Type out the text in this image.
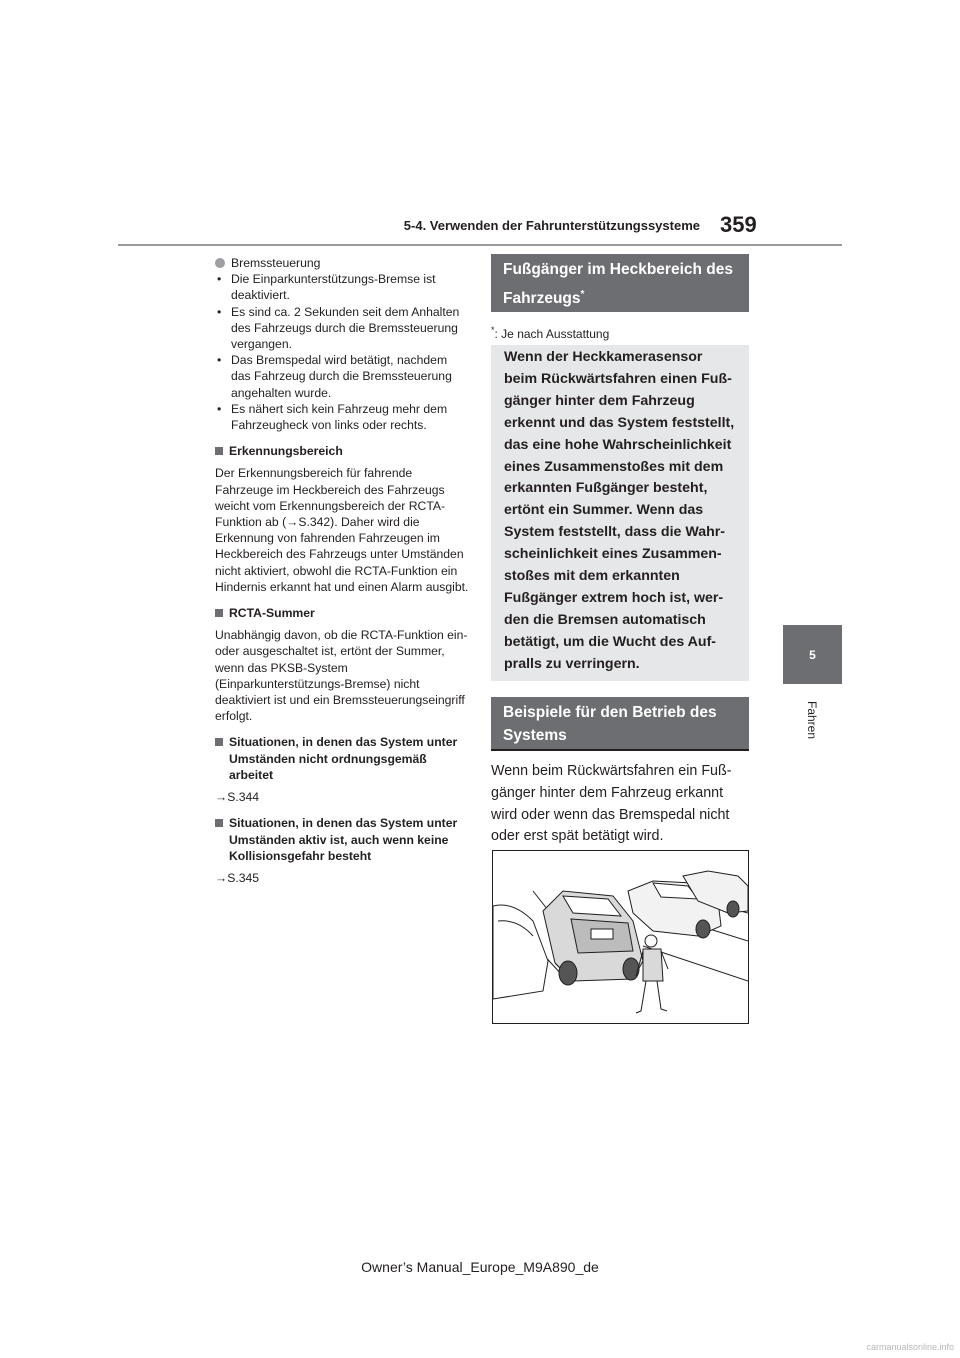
5-4. Verwenden der Fahrunterstützungssysteme 359
5
Fahren
Bremssteuerung
• Die Einparkunterstützungs-Bremse ist deaktiviert.
• Es sind ca. 2 Sekunden seit dem Anhalten des Fahrzeugs durch die Bremssteuerung vergangen.
• Das Bremspedal wird betätigt, nachdem das Fahrzeug durch die Bremssteuerung angehalten wurde.
• Es nähert sich kein Fahrzeug mehr dem Fahrzeugheck von links oder rechts.
Erkennungsbereich

Der Erkennungsbereich für fahrende Fahrzeuge im Heckbereich des Fahrzeugs weicht vom Erkennungsbereich der RCTA-Funktion ab (→S.342). Daher wird die Erkennung von fahrenden Fahrzeugen im Heckbereich des Fahrzeugs unter Umständen nicht aktiviert, obwohl die RCTA-Funktion ein Hindernis erkannt hat und einen Alarm ausgibt.

RCTA-Summer

Unabhängig davon, ob die RCTA-Funktion ein- oder ausgeschaltet ist, ertönt der Summer, wenn das PKSB-System (Einparkunterstützungs-Bremse) nicht deaktiviert ist und ein Bremssteuerungseingriff erfolgt.

Situationen, in denen das System unter Umständen nicht ordnungsgemäß arbeitet

→S.344

Situationen, in denen das System unter Umständen aktiv ist, auch wenn keine Kollisionsgefahr besteht

→S.345

Fußgänger im Heckbereich des Fahrzeugs*
*: Je nach Ausstattung

Wenn der Heckkamerasensor

beim Rückwärtsfahren einen Fuß-

gänger hinter dem Fahrzeug

erkennt und das System feststellt,

das eine hohe Wahrscheinlichkeit

eines Zusammenstoßes mit dem

erkannten Fußgänger besteht,

ertönt ein Summer. Wenn das

System feststellt, dass die Wahr-

scheinlichkeit eines Zusammen-

stoßes mit dem erkannten

Fußgänger extrem hoch ist, wer-

den die Bremsen automatisch

betätigt, um die Wucht des Auf-

pralls zu verringern.

Beispiele für den Betrieb des
Systems
Wenn beim Rückwärtsfahren ein Fuß-
gänger hinter dem Fahrzeug erkannt
wird oder wenn das Bremspedal nicht
oder erst spät betätigt wird.
Owner’s Manual_Europe_M9A890_de
carmanualsonline.info
